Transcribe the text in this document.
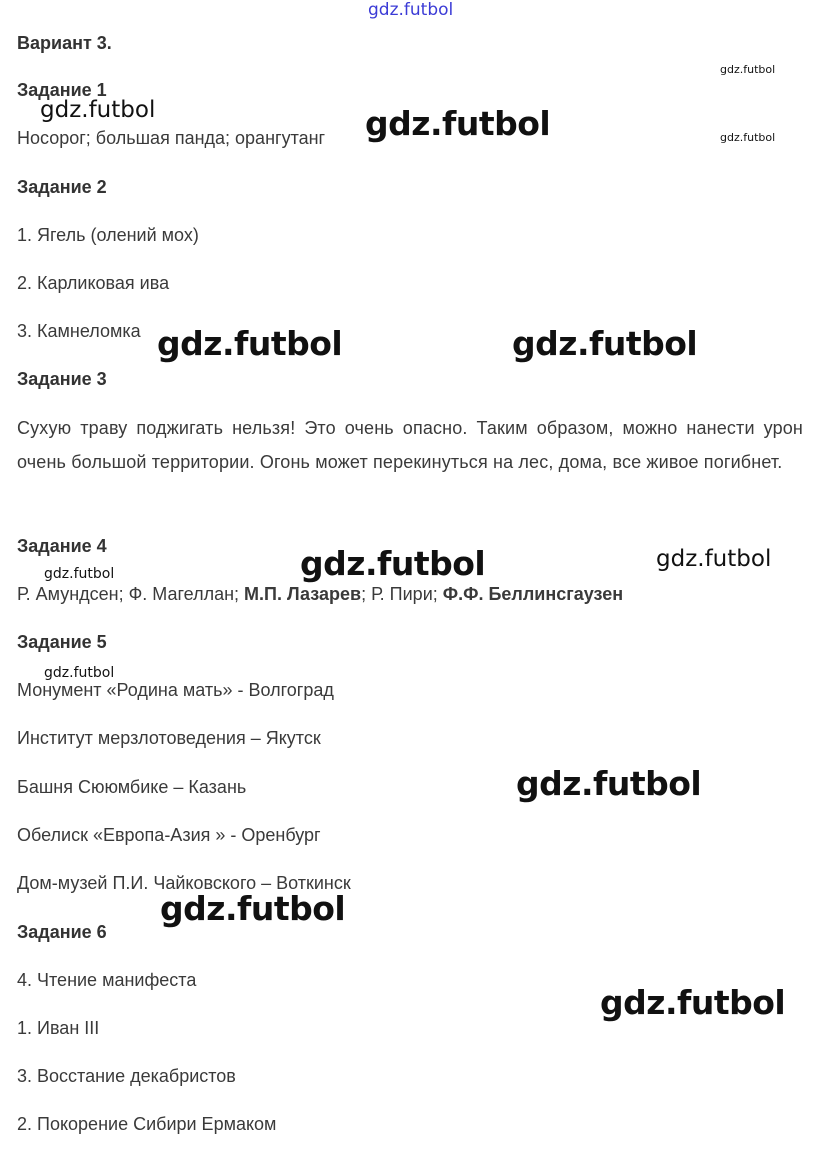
gdz.futbol
gdz.futbol
gdz.futbol	gdz.futbol	gdz.futbol
gdz.futbol	gdz.futbol
gdz.futbol	gdz.futbol
gdz.futbol
gdz.futbol
gdz.futbol
gdz.futbol
gdz.futbol
Вариант 3.
Задание 1
Носорог; большая панда; орангутанг
Задание 2
1. Ягель (олений мох)
2. Карликовая ива
3. Камнеломка
Задание 3
Сухую траву поджигать нельзя! Это очень опасно. Таким образом, можно нанести урон очень большой территории. Огонь может перекинуться на лес, дома, все живое погибнет.
Задание 4
Р. Амундсен; Ф. Магеллан; М.П. Лазарев; Р. Пири; Ф.Ф. Беллинсгаузен
Задание 5
Монумент «Родина мать» - Волгоград
Институт мерзлотоведения – Якутск
Башня Сююмбике – Казань
Обелиск «Европа-Азия » - Оренбург
Дом-музей П.И. Чайковского – Воткинск
Задание 6
4. Чтение манифеста
1. Иван III
3. Восстание декабристов
2. Покорение Сибири Ермаком
